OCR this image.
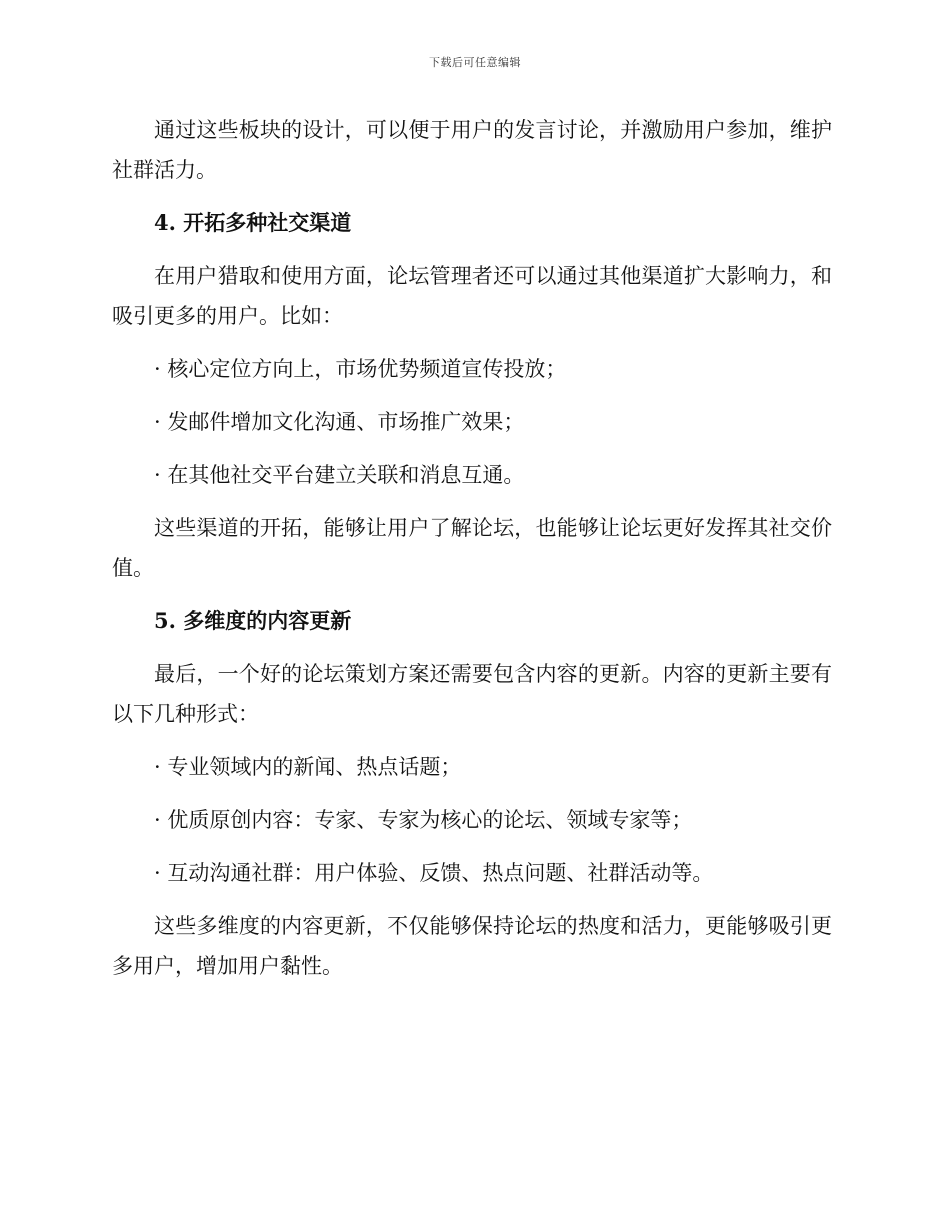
下载后可任意编辑

通过这些板块的设计，可以便于用户的发言讨论，并激励用户参加，维护社群活力。

4. 开拓多种社交渠道

在用户猎取和使用方面，论坛管理者还可以通过其他渠道扩大影响力，和吸引更多的用户。比如：

· 核心定位方向上，市场优势频道宣传投放；
· 发邮件增加文化沟通、市场推广效果；
· 在其他社交平台建立关联和消息互通。

这些渠道的开拓，能够让用户了解论坛，也能够让论坛更好发挥其社交价值。

5. 多维度的内容更新

最后，一个好的论坛策划方案还需要包含内容的更新。内容的更新主要有以下几种形式：

· 专业领域内的新闻、热点话题；
· 优质原创内容：专家、专家为核心的论坛、领域专家等；
· 互动沟通社群：用户体验、反馈、热点问题、社群活动等。

这些多维度的内容更新，不仅能够保持论坛的热度和活力，更能够吸引更多用户，增加用户黏性。
